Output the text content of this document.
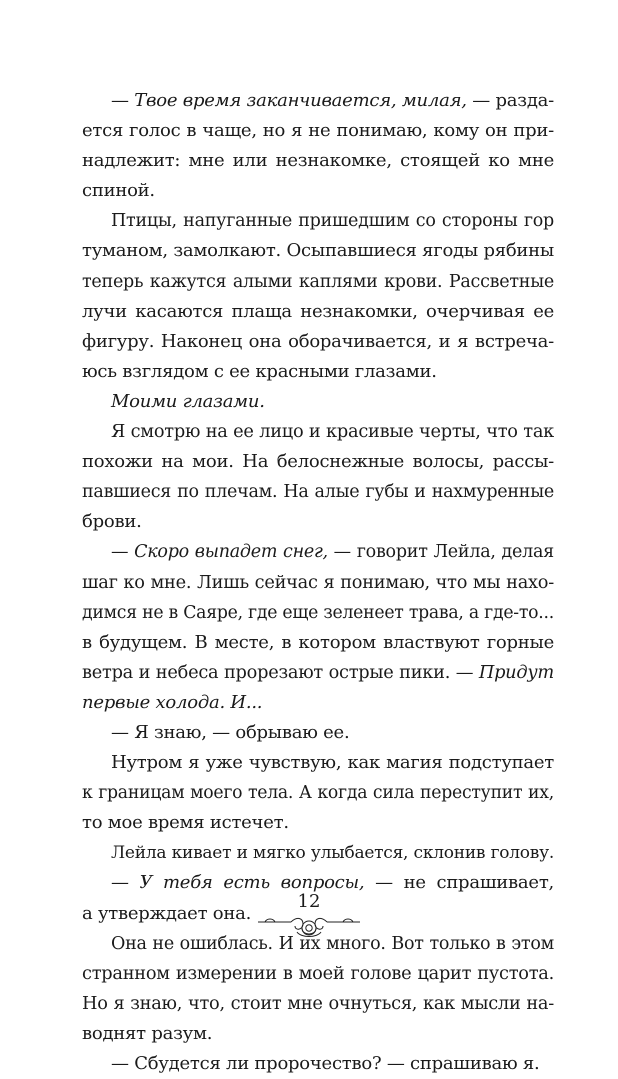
— Твое время заканчивается, милая, — разда-
ется голос в чаще, но я не понимаю, кому он при-
надлежит: мне или незнакомке, стоящей ко мне
спиной.
Птицы, напуганные пришедшим со стороны гор
туманом, замолкают. Осыпавшиеся ягоды рябины
теперь кажутся алыми каплями крови. Рассветные
лучи касаются плаща незнакомки, очерчивая ее
фигуру. Наконец она оборачивается, и я встреча-
юсь взглядом с ее красными глазами.
Моими глазами.
Я смотрю на ее лицо и красивые черты, что так
похожи на мои. На белоснежные волосы, рассы-
павшиеся по плечам. На алые губы и нахмуренные
брови.
— Скоро выпадет снег, — говорит Лейла, делая
шаг ко мне. Лишь сейчас я понимаю, что мы нахо-
димся не в Саяре, где еще зеленеет трава, а где-то...
в будущем. В месте, в котором властвуют горные
ветра и небеса прорезают острые пики. — Придут
первые холода. И...
— Я знаю, — обрываю ее.
Нутром я уже чувствую, как магия подступает
к границам моего тела. А когда сила переступит их,
то мое время истечет.
Лейла кивает и мягко улыбается, склонив голову.
— У тебя есть вопросы, — не спрашивает,
а утверждает она.
Она не ошиблась. И их много. Вот только в этом
странном измерении в моей голове царит пустота.
Но я знаю, что, стоит мне очнуться, как мысли на-
воднят разум.
— Сбудется ли пророчество? — спрашиваю я.
12
